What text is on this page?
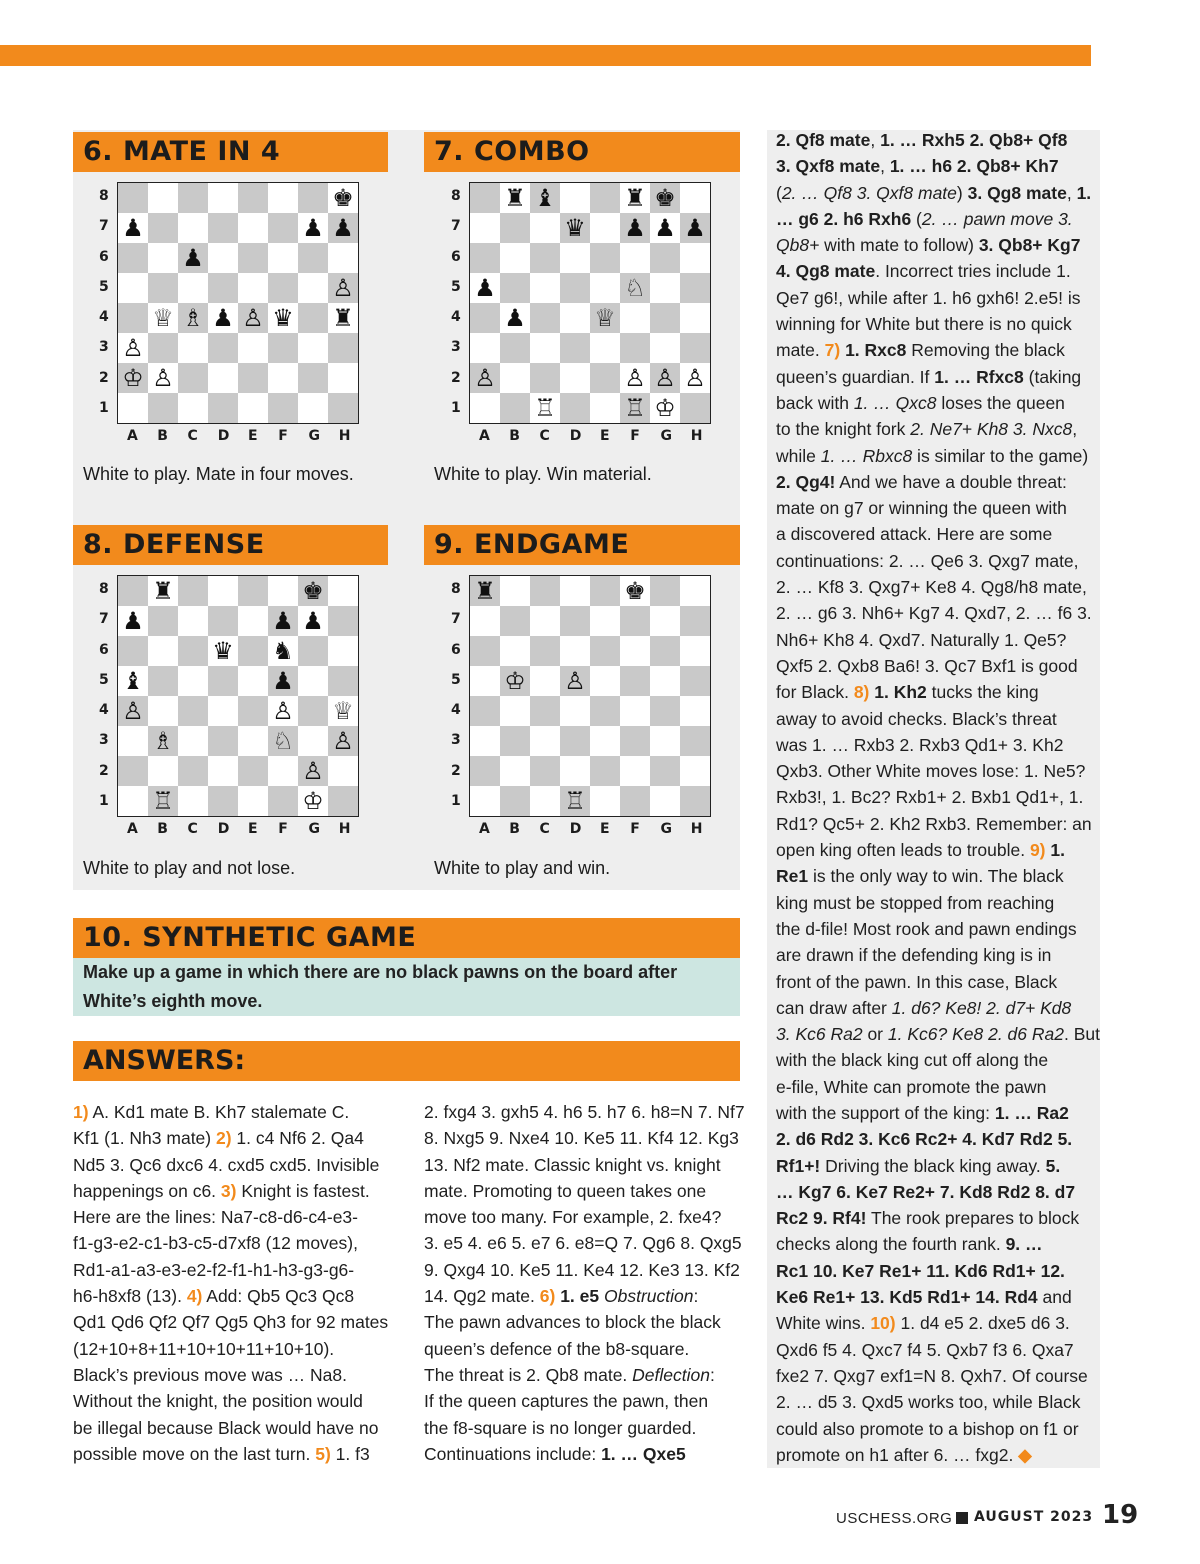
6. MATE IN 4
8
7
6
5
4
3
2
1
♚
♟	♟ ♟
♟
♙
♕ ♗ ♟ ♙ ♛ ♜
♙
♔ ♙
A B C D E F G H
White to play. Mate in four moves.
7. COMBO
8
7
6
5
4
3
2
1
♜ ♝	♜ ♚
♛ ♟ ♟ ♟
♟	♘
♟	♕
♙	♙ ♙ ♙
♖	♖ ♔
A B C D E F G H
White to play. Win material.
8. DEFENSE
8
7
6
5
4
3
2
1
♜	♚
♟	♟ ♟
♛ ♞
♝	♟
♙	♙ ♕
♗	♘ ♙
♙
♖	♔
A B C D E F G H
White to play and not lose.
9. ENDGAME
8
7
6
5
4
3
2
1
♜	♚
♔ ♙
♖
A B C D E F G H
White to play and win.
10. SYNTHETIC GAME
Make up a game in which there are no black pawns on the board after
White’s eighth move.
ANSWERS:
1) A. Kd1 mate B. Kh7 stalemate C.
Kf1 (1. Nh3 mate) 2) 1. c4 Nf6 2. Qa4
Nd5 3. Qc6 dxc6 4. cxd5 cxd5. Invisible
happenings on c6. 3) Knight is fastest.
Here are the lines: Na7-c8-d6-c4-e3-
f1-g3-e2-c1-b3-c5-d7xf8 (12 moves),
Rd1-a1-a3-e3-e2-f2-f1-h1-h3-g3-g6-
h6-h8xf8 (13). 4) Add: Qb5 Qc3 Qc8
Qd1 Qd6 Qf2 Qf7 Qg5 Qh3 for 92 mates
(12+10+8+11+10+10+11+10+10).
Black’s previous move was … Na8.
Without the knight, the position would
be illegal because Black would have no
possible move on the last turn. 5) 1. f3
2. fxg4 3. gxh5 4. h6 5. h7 6. h8=N 7. Nf7
8. Nxg5 9. Nxe4 10. Ke5 11. Kf4 12. Kg3
13. Nf2 mate. Classic knight vs. knight
mate. Promoting to queen takes one
move too many. For example, 2. fxe4?
3. e5 4. e6 5. e7 6. e8=Q 7. Qg6 8. Qxg5
9. Qxg4 10. Ke5 11. Ke4 12. Ke3 13. Kf2
14. Qg2 mate. 6) 1. e5 Obstruction:
The pawn advances to block the black
queen’s defence of the b8-square.
The threat is 2. Qb8 mate. Deflection:
If the queen captures the pawn, then
the f8-square is no longer guarded.
Continuations include: 1. … Qxe5
2. Qf8 mate, 1. … Rxh5 2. Qb8+ Qf8
3. Qxf8 mate, 1. … h6 2. Qb8+ Kh7
(2. … Qf8 3. Qxf8 mate) 3. Qg8 mate, 1.
… g6 2. h6 Rxh6 (2. … pawn move 3.
Qb8+ with mate to follow) 3. Qb8+ Kg7
4. Qg8 mate. Incorrect tries include 1.
Qe7 g6!, while after 1. h6 gxh6! 2.e5! is
winning for White but there is no quick
mate. 7) 1. Rxc8 Removing the black
queen’s guardian. If 1. … Rfxc8 (taking
back with 1. … Qxc8 loses the queen
to the knight fork 2. Ne7+ Kh8 3. Nxc8,
while 1. … Rbxc8 is similar to the game)
2. Qg4! And we have a double threat:
mate on g7 or winning the queen with
a discovered attack. Here are some
continuations: 2. … Qe6 3. Qxg7 mate,
2. … Kf8 3. Qxg7+ Ke8 4. Qg8/h8 mate,
2. … g6 3. Nh6+ Kg7 4. Qxd7, 2. … f6 3.
Nh6+ Kh8 4. Qxd7. Naturally 1. Qe5?
Qxf5 2. Qxb8 Ba6! 3. Qc7 Bxf1 is good
for Black. 8) 1. Kh2 tucks the king
away to avoid checks. Black’s threat
was 1. … Rxb3 2. Rxb3 Qd1+ 3. Kh2
Qxb3. Other White moves lose: 1. Ne5?
Rxb3!, 1. Bc2? Rxb1+ 2. Bxb1 Qd1+, 1.
Rd1? Qc5+ 2. Kh2 Rxb3. Remember: an
open king often leads to trouble. 9) 1.
Re1 is the only way to win. The black
king must be stopped from reaching
the d-file! Most rook and pawn endings
are drawn if the defending king is in
front of the pawn. In this case, Black
can draw after 1. d6? Ke8! 2. d7+ Kd8
3. Kc6 Ra2 or 1. Kc6? Ke8 2. d6 Ra2. But
with the black king cut off along the
e-file, White can promote the pawn
with the support of the king: 1. … Ra2
2. d6 Rd2 3. Kc6 Rc2+ 4. Kd7 Rd2 5.
Rf1+! Driving the black king away. 5.
… Kg7 6. Ke7 Re2+ 7. Kd8 Rd2 8. d7
Rc2 9. Rf4! The rook prepares to block
checks along the fourth rank. 9. …
Rc1 10. Ke7 Re1+ 11. Kd6 Rd1+ 12.
Ke6 Re1+ 13. Kd5 Rd1+ 14. Rd4 and
White wins. 10) 1. d4 e5 2. dxe5 d6 3.
Qxd6 f5 4. Qxc7 f4 5. Qxb7 f3 6. Qxa7
fxe2 7. Qxg7 exf1=N 8. Qxh7. Of course
2. … d5 3. Qxd5 works too, while Black
could also promote to a bishop on f1 or
promote on h1 after 6. … fxg2. ◆
USCHESS.ORG AUGUST 2023 19
